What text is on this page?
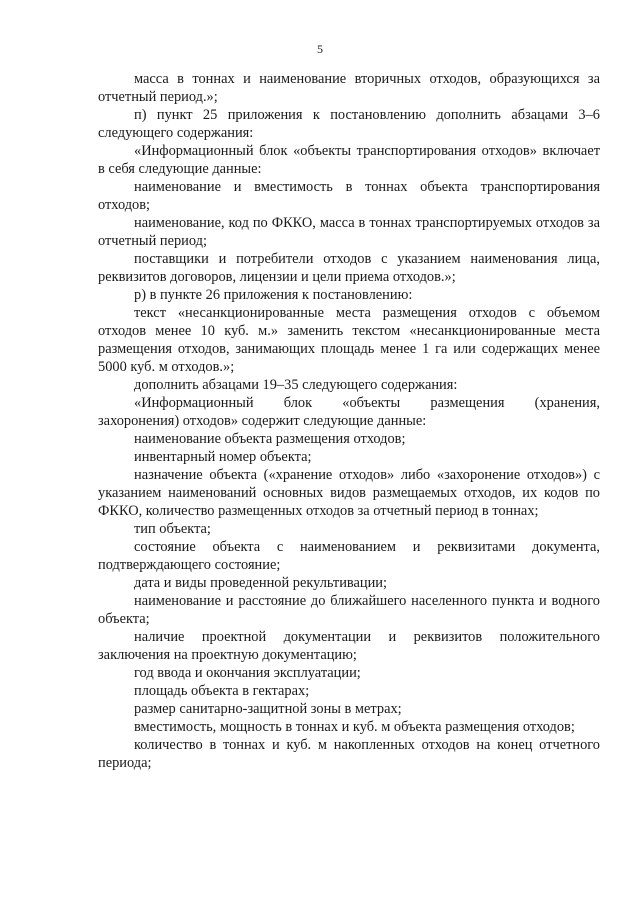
5

масса в тоннах и наименование вторичных отходов, образующихся за отчетный период.»;

п) пункт 25 приложения к постановлению дополнить абзацами 3–6 следующего содержания:

«Информационный блок «объекты транспортирования отходов» включает в себя следующие данные:

наименование и вместимость в тоннах объекта транспортирования отходов;

наименование, код по ФККО, масса в тоннах транспортируемых отходов за отчетный период;

поставщики и потребители отходов с указанием наименования лица, реквизитов договоров, лицензии и цели приема отходов.»;

р) в пункте 26 приложения к постановлению:

текст «несанкционированные места размещения отходов с объемом отходов менее 10 куб. м.» заменить текстом «несанкционированные места размещения отходов, занимающих площадь менее 1 га или содержащих менее 5000 куб. м отходов.»;

дополнить абзацами 19–35 следующего содержания:

«Информационный блок «объекты размещения (хранения,

захоронения) отходов» содержит следующие данные:

наименование объекта размещения отходов;

инвентарный номер объекта;

назначение объекта («хранение отходов» либо «захоронение отходов») с указанием наименований основных видов размещаемых отходов, их кодов по ФККО, количество размещенных отходов за отчетный период в тоннах;

тип объекта;

состояние объекта с наименованием и реквизитами документа, подтверждающего состояние;

дата и виды проведенной рекультивации;

наименование и расстояние до ближайшего населенного пункта и водного объекта;

наличие проектной документации и реквизитов положительного заключения на проектную документацию;

год ввода и окончания эксплуатации;

площадь объекта в гектарах;

размер санитарно-защитной зоны в метрах;

вместимость, мощность в тоннах и куб. м объекта размещения отходов;

количество в тоннах и куб. м накопленных отходов на конец отчетного периода;
